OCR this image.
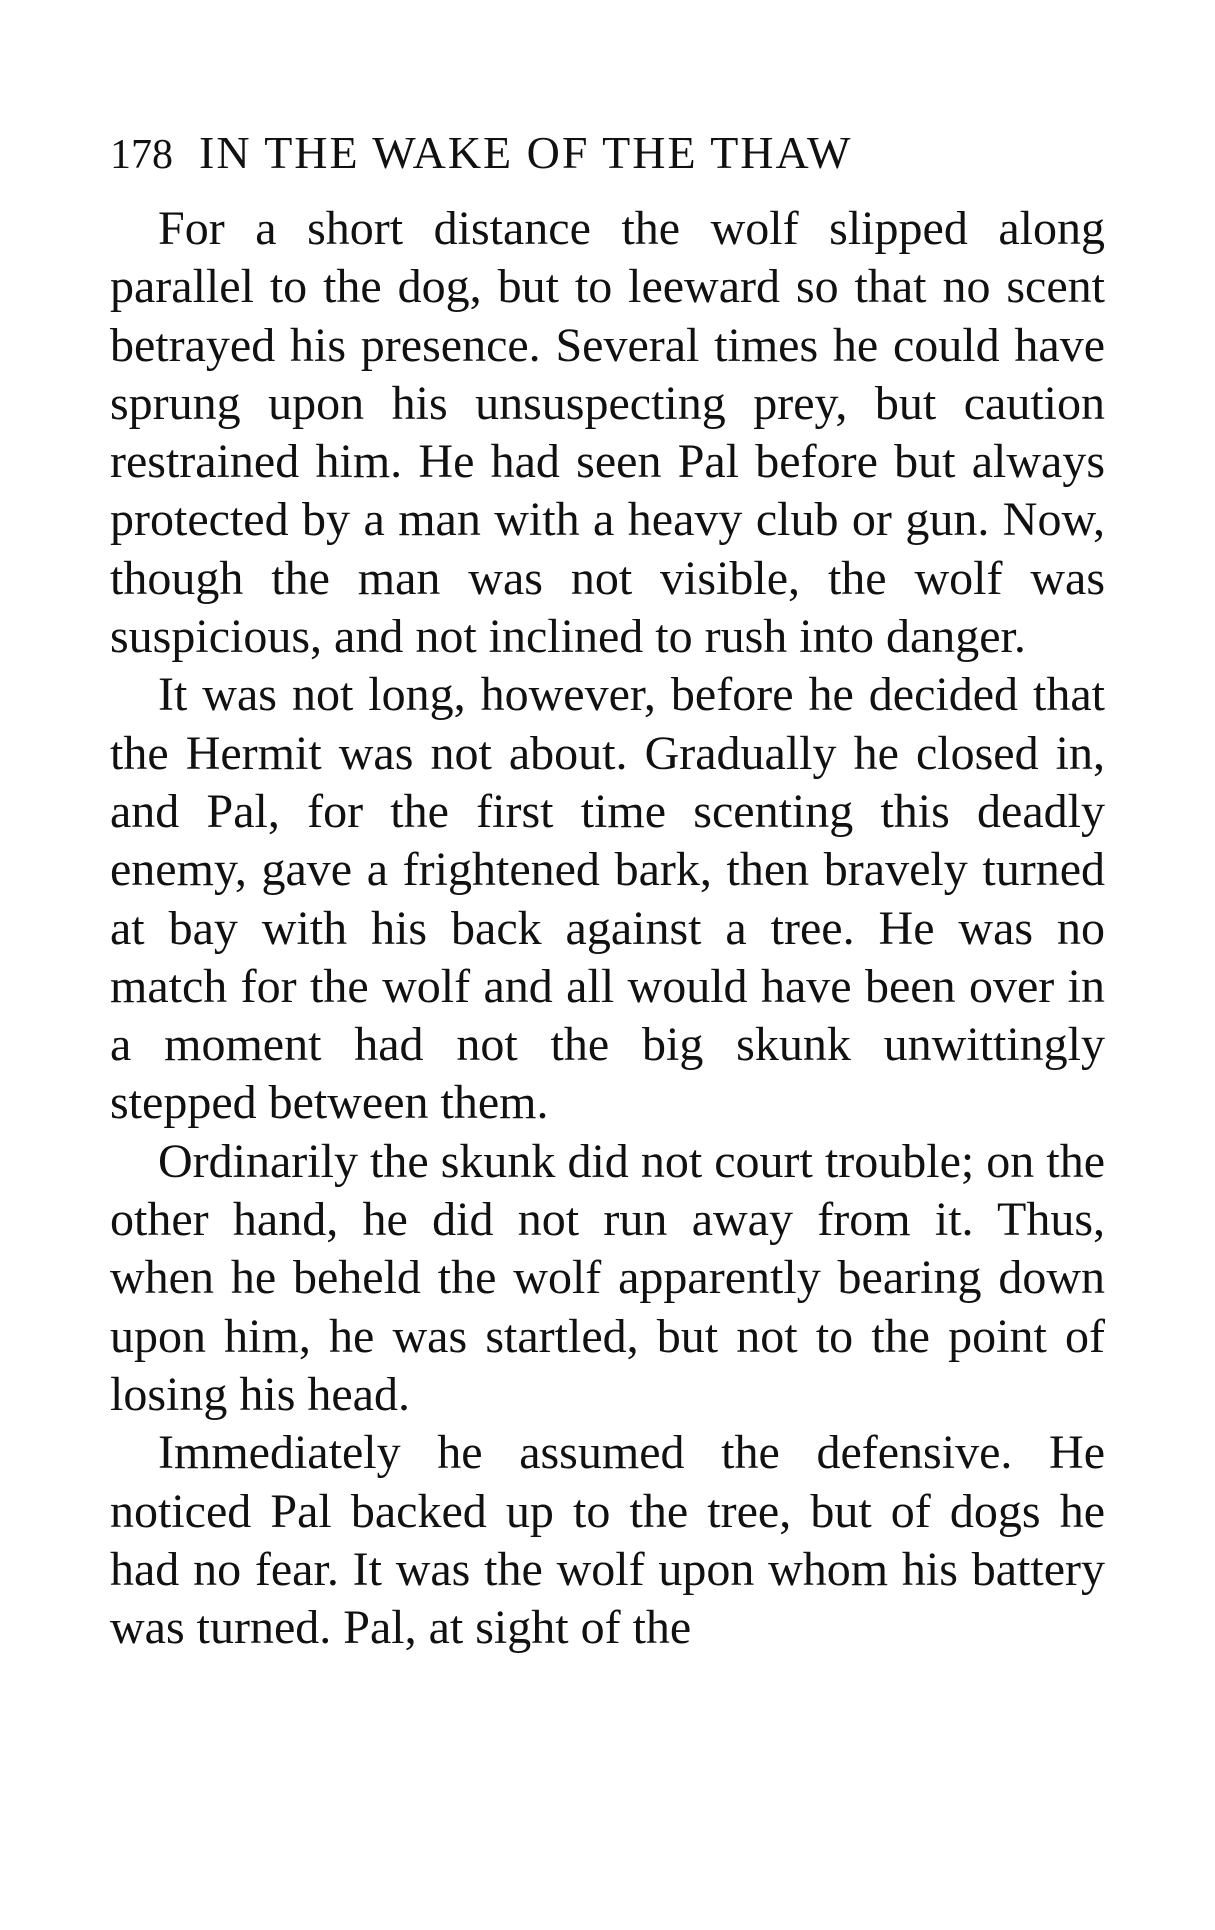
178 IN THE WAKE OF THE THAW

For a short distance the wolf slipped along parallel to the dog, but to leeward so that no scent betrayed his presence. Several times he could have sprung upon his unsuspecting prey, but caution restrained him. He had seen Pal before but always protected by a man with a heavy club or gun. Now, though the man was not visible, the wolf was suspicious, and not inclined to rush into danger.

It was not long, however, before he decided that the Hermit was not about. Gradually he closed in, and Pal, for the first time scenting this deadly enemy, gave a frightened bark, then bravely turned at bay with his back against a tree. He was no match for the wolf and all would have been over in a moment had not the big skunk unwittingly stepped between them.

Ordinarily the skunk did not court trouble; on the other hand, he did not run away from it. Thus, when he beheld the wolf apparently bearing down upon him, he was startled, but not to the point of losing his head.

Immediately he assumed the defensive. He noticed Pal backed up to the tree, but of dogs he had no fear. It was the wolf upon whom his battery was turned. Pal, at sight of the
